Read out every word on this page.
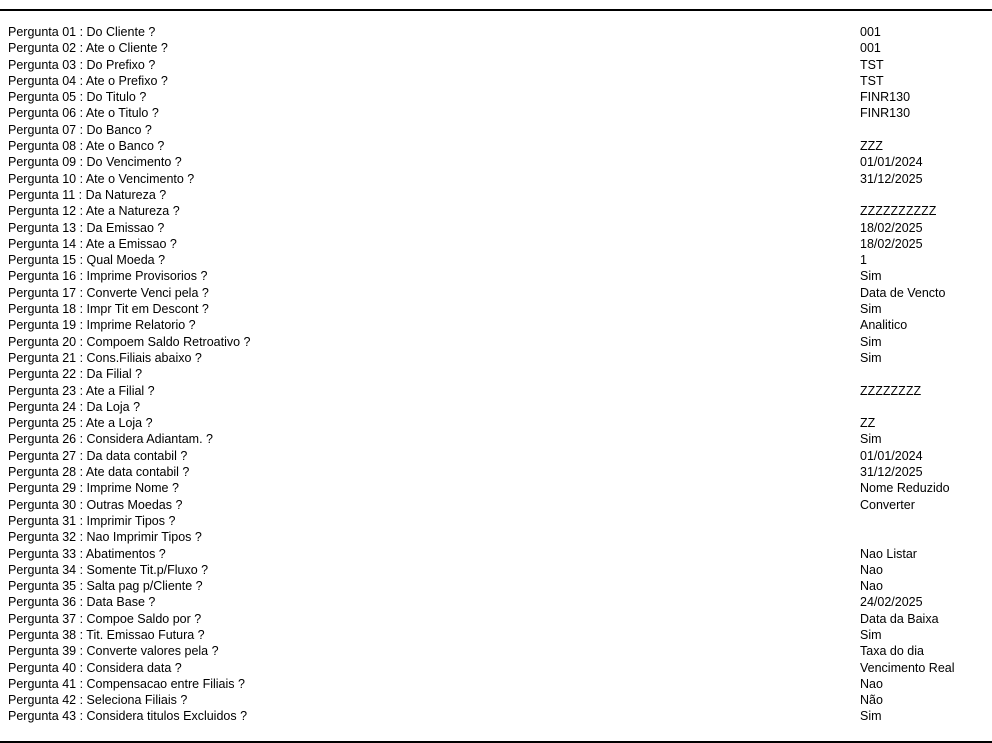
Pergunta 01 : Do Cliente ?	001
Pergunta 02 : Ate o Cliente ?	001
Pergunta 03 : Do Prefixo ?	TST
Pergunta 04 : Ate o Prefixo ?	TST
Pergunta 05 : Do Titulo ?	FINR130
Pergunta 06 : Ate o Titulo ?	FINR130
Pergunta 07 : Do Banco ?
Pergunta 08 : Ate o Banco ?	ZZZ
Pergunta 09 : Do Vencimento ?	01/01/2024
Pergunta 10 : Ate o Vencimento ?	31/12/2025
Pergunta 11 : Da Natureza ?
Pergunta 12 : Ate a Natureza ?	ZZZZZZZZZZ
Pergunta 13 : Da Emissao ?	18/02/2025
Pergunta 14 : Ate a Emissao ?	18/02/2025
Pergunta 15 : Qual Moeda ?	1
Pergunta 16 : Imprime Provisorios ?	Sim
Pergunta 17 : Converte Venci pela ?	Data de Vencto
Pergunta 18 : Impr Tit em Descont ?	Sim
Pergunta 19 : Imprime Relatorio ?	Analitico
Pergunta 20 : Compoem Saldo Retroativo ?	Sim
Pergunta 21 : Cons.Filiais abaixo ?	Sim
Pergunta 22 : Da Filial ?
Pergunta 23 : Ate a Filial ?	ZZZZZZZZ
Pergunta 24 : Da Loja ?
Pergunta 25 : Ate a Loja ?	ZZ
Pergunta 26 : Considera Adiantam. ?	Sim
Pergunta 27 : Da data contabil ?	01/01/2024
Pergunta 28 : Ate data contabil ?	31/12/2025
Pergunta 29 : Imprime Nome ?	Nome Reduzido
Pergunta 30 : Outras Moedas ?	Converter
Pergunta 31 : Imprimir Tipos ?
Pergunta 32 : Nao Imprimir Tipos ?
Pergunta 33 : Abatimentos ?	Nao Listar
Pergunta 34 : Somente Tit.p/Fluxo ?	Nao
Pergunta 35 : Salta pag p/Cliente ?	Nao
Pergunta 36 : Data Base ?	24/02/2025
Pergunta 37 : Compoe Saldo por ?	Data da Baixa
Pergunta 38 : Tit. Emissao Futura ?	Sim
Pergunta 39 : Converte valores pela ?	Taxa do dia
Pergunta 40 : Considera data ?	Vencimento Real
Pergunta 41 : Compensacao entre Filiais ?	Nao
Pergunta 42 : Seleciona Filiais ?	Não
Pergunta 43 : Considera titulos Excluidos ?	Sim
